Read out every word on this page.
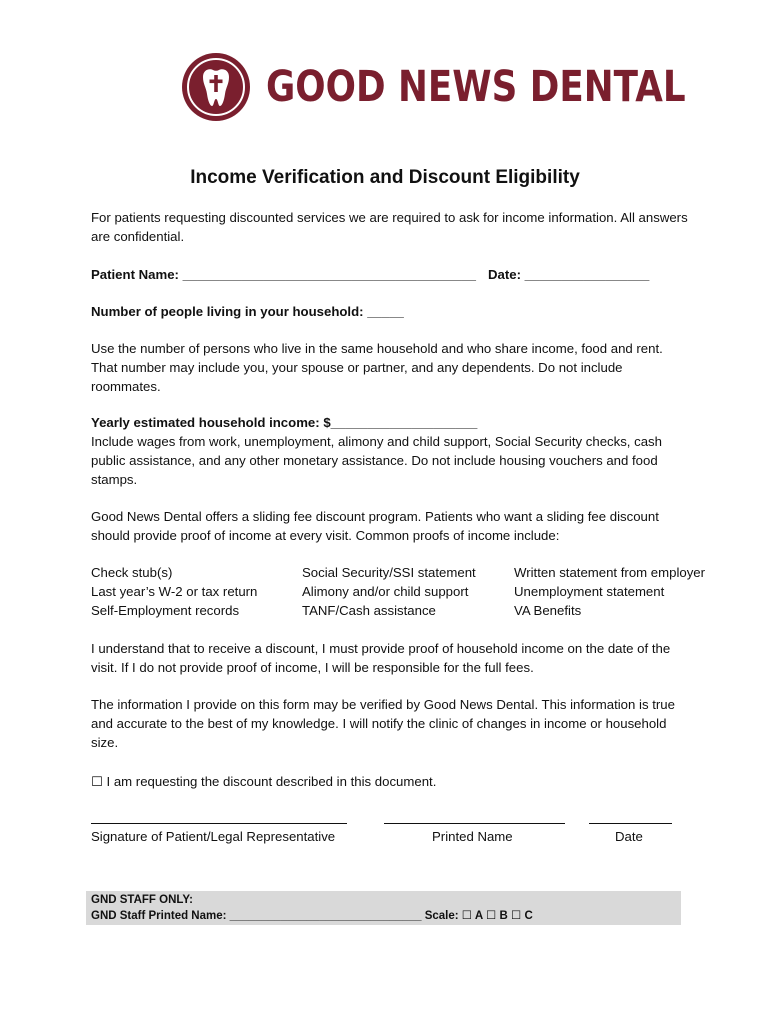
GOOD NEWS DENTAL
Income Verification and Discount Eligibility
For patients requesting discounted services we are required to ask for income information. All answers are confidential.
Patient Name: ________________________________________ Date: _________________
Number of people living in your household: _____
Use the number of persons who live in the same household and who share income, food and rent. That number may include you, your spouse or partner, and any dependents. Do not include roommates.
Yearly estimated household income: $____________________
Include wages from work, unemployment, alimony and child support, Social Security checks, cash public assistance, and any other monetary assistance. Do not include housing vouchers and food stamps.
Good News Dental offers a sliding fee discount program. Patients who want a sliding fee discount should provide proof of income at every visit. Common proofs of income include:
Check stub(s)
Last year’s W-2 or tax return
Self-Employment records
Social Security/SSI statement
Alimony and/or child support
TANF/Cash assistance
Written statement from employer
Unemployment statement
VA Benefits
I understand that to receive a discount, I must provide proof of household income on the date of the visit. If I do not provide proof of income, I will be responsible for the full fees.
The information I provide on this form may be verified by Good News Dental. This information is true and accurate to the best of my knowledge. I will notify the clinic of changes in income or household size.
☐ I am requesting the discount described in this document.
Signature of Patient/Legal Representative	Printed Name	Date
GND STAFF ONLY:
GND Staff Printed Name: ______________________________ Scale: ☐ A ☐ B ☐ C
